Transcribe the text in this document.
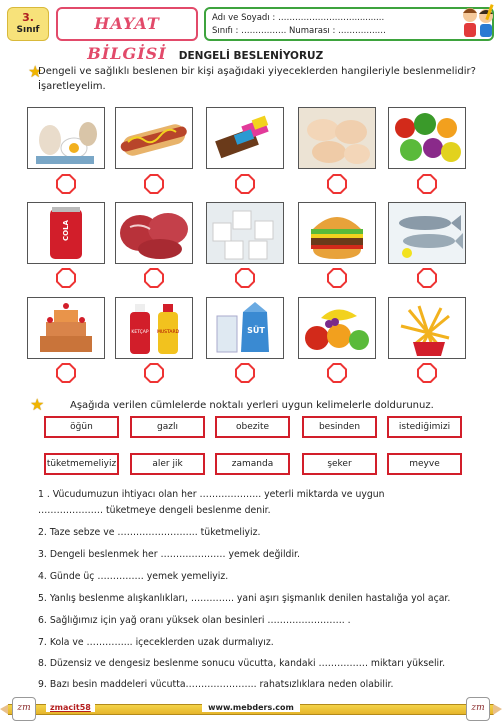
3.
Sınıf	HAYAT BİLGİSİ
Adı ve Soyadı : ………………………...........
Sınıfı : ……………. Numarası : …………..…
DENGELİ BESLENİYORUZ
★
Dengeli ve sağlıklı beslenen bir kişi aşağıdaki yiyeceklerden hangileriyle beslenmelidir? İşaretleyelim.
COLA
KETÇAP	MUSTARD	SÜT
★	Aşağıda verilen cümlelerde noktalı yerleri uygun kelimelerle doldurunuz.
öğün	gazlı	obezite	besinden	istediğimizi
tüketmemeliyiz	aler jik	zamanda	şeker	meyve
1 . Vücudumuzun ihtiyacı olan her ……………….. yeterli miktarda ve uygun
………………… tüketmeye dengeli beslenme denir.
2. Taze sebze ve …………………….. tüketmeliyiz.
3. Dengeli beslenmek her ………………… yemek değildir.
4. Günde üç …………… yemek yemeliyiz.
5. Yanlış beslenme alışkanlıkları, ………….. yani aşırı şişmanlık denilen hastalığa yol açar.
6. Sağlığımız için yağ oranı yüksek olan besinleri ……………………. .
7. Kola ve …………... içeceklerden uzak durmalıyız.
8. Düzensiz ve dengesiz beslenme sonucu vücutta, kandaki ……………. miktarı yükselir.
9. Bazı besin maddeleri vücutta………………….. rahatsızlıklara neden olabilir.
zm	zmacit58	www.mebders.com	zm
